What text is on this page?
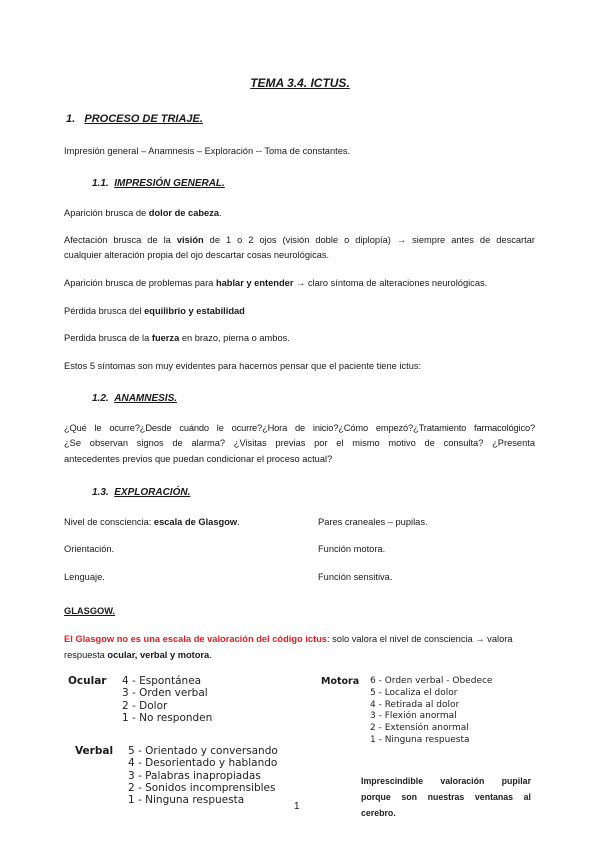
TEMA 3.4. ICTUS.
1. PROCESO DE TRIAJE.
Impresión general – Anamnesis – Exploración -- Toma de constantes.
1.1. IMPRESIÓN GENERAL.
Aparición brusca de dolor de cabeza.
Afectación brusca de la visión de 1 o 2 ojos (visión doble o diplopía) → siempre antes de descartar
cualquier alteración propia del ojo descartar cosas neurológicas.
Aparición brusca de problemas para hablar y entender → claro síntoma de alteraciones neurológicas.
Pérdida brusca del equilibrio y estabilidad
Perdida brusca de la fuerza en brazo, pierna o ambos.
Estos 5 síntomas son muy evidentes para hacernos pensar que el paciente tiene ictus:
1.2. ANAMNESIS.
¿Qué le ocurre?¿Desde cuándo le ocurre?¿Hora de inicio?¿Cómo empezó?¿Tratamiento farmacológico?
¿Se observan signos de alarma? ¿Visitas previas por el mismo motivo de consulta? ¿Presenta
antecedentes previos que puedan condicionar el proceso actual?
1.3. EXPLORACIÓN.
Nivel de consciencia: escala de Glasgow.
Orientación.
Lenguaje.
Pares craneales – pupilas.
Función motora.
Función sensitiva.
GLASGOW.
El Glasgow no es una escala de valoración del código ictus: solo valora el nivel de consciencia → valora
respuesta ocular, verbal y motora.
Ocular 4 - Espontánea
3 - Orden verbal
2 - Dolor
1 - No responden
Verbal 5 - Orientado y conversando
4 - Desorientado y hablando
3 - Palabras inapropiadas
2 - Sonidos incomprensibles
1 - Ninguna respuesta
Motora 6 - Orden verbal - Obedece
5 - Localiza el dolor
4 - Retirada al dolor
3 - Flexión anormal
2 - Extensión anormal
1 - Ninguna respuesta
Imprescindible valoración pupilar
porque son nuestras ventanas al
cerebro.
1
